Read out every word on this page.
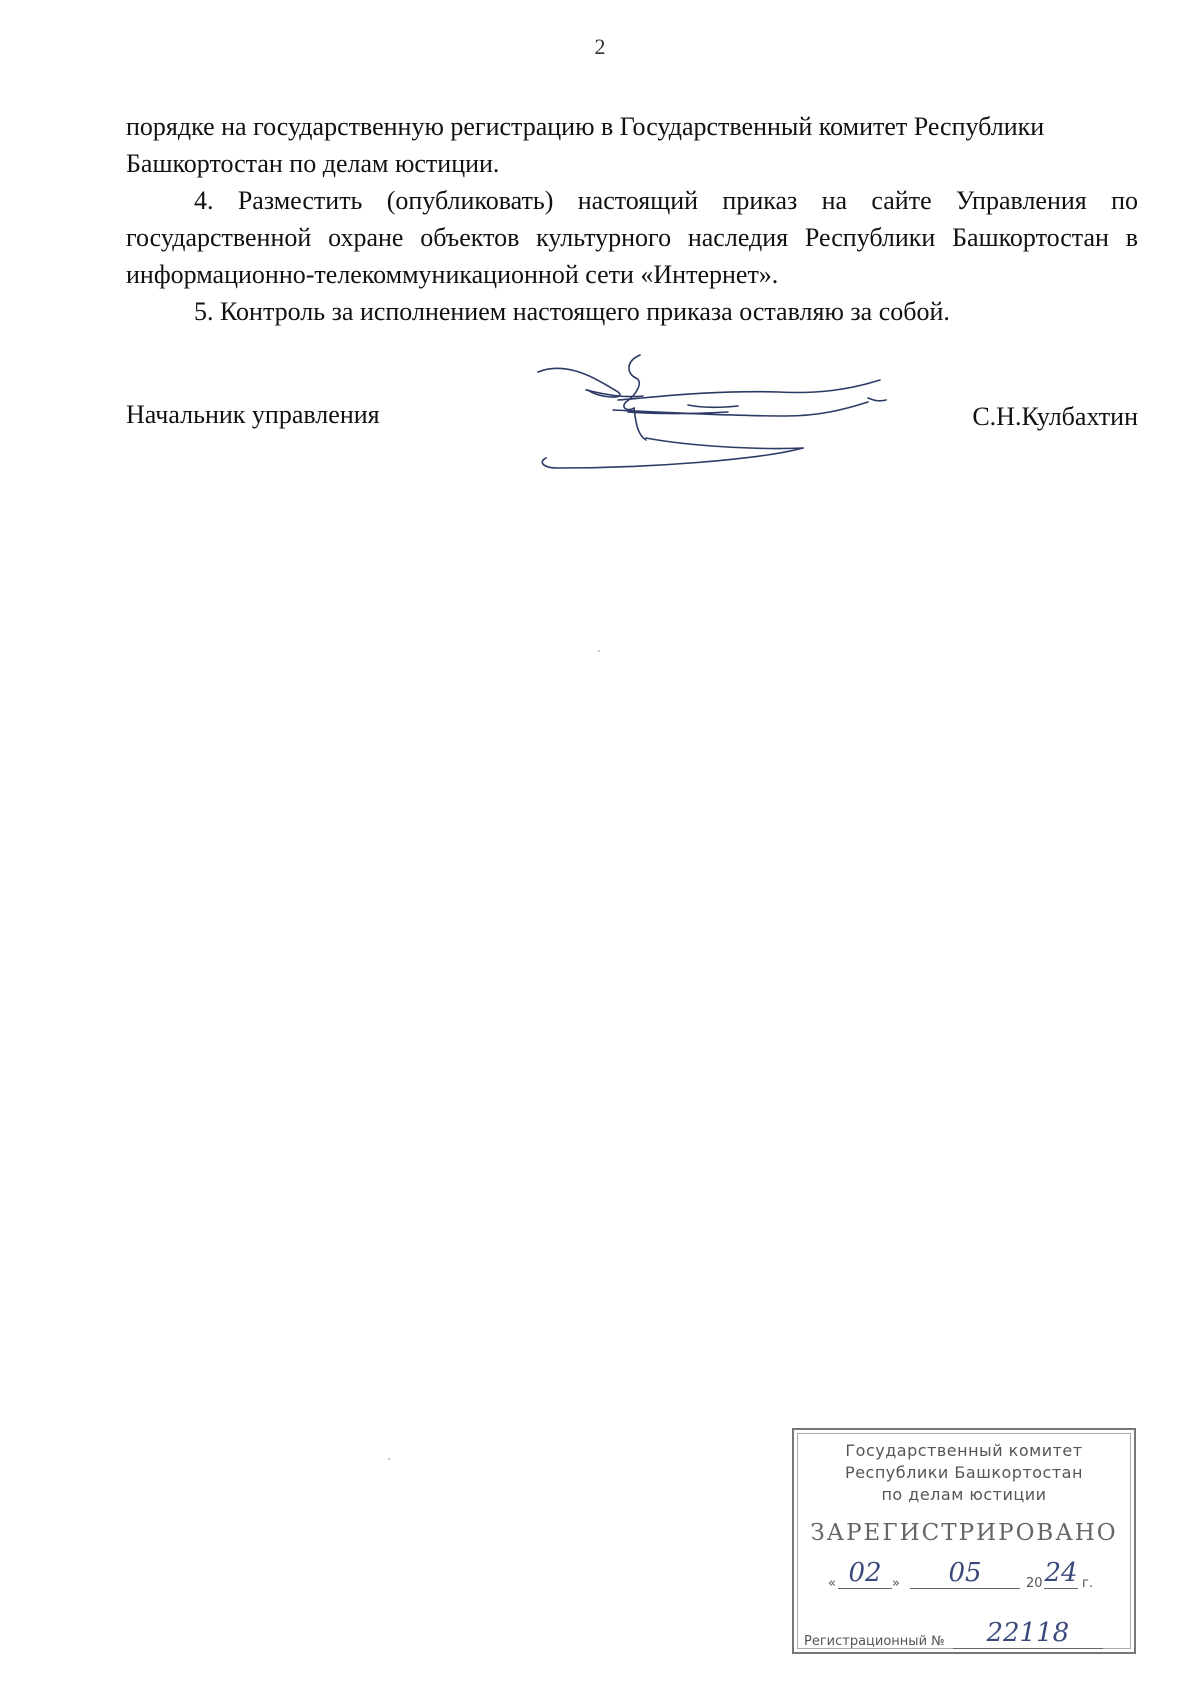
2

порядке на государственную регистрацию в Государственный комитет Республики Башкортостан по делам юстиции.

4. Разместить (опубликовать) настоящий приказ на сайте Управления по государственной охране объектов культурного наследия Республики Башкортостан в информационно-телекоммуникационной сети «Интернет».

5. Контроль за исполнением настоящего приказа оставляю за собой.

Начальник управления	С.Н.Кулбахтин
Государственный комитет
Республики Башкортостан
по делам юстиции
ЗАРЕГИСТРИРОВАНО
« 02 »	05	20 24 г.
Регистрационный № 22118
